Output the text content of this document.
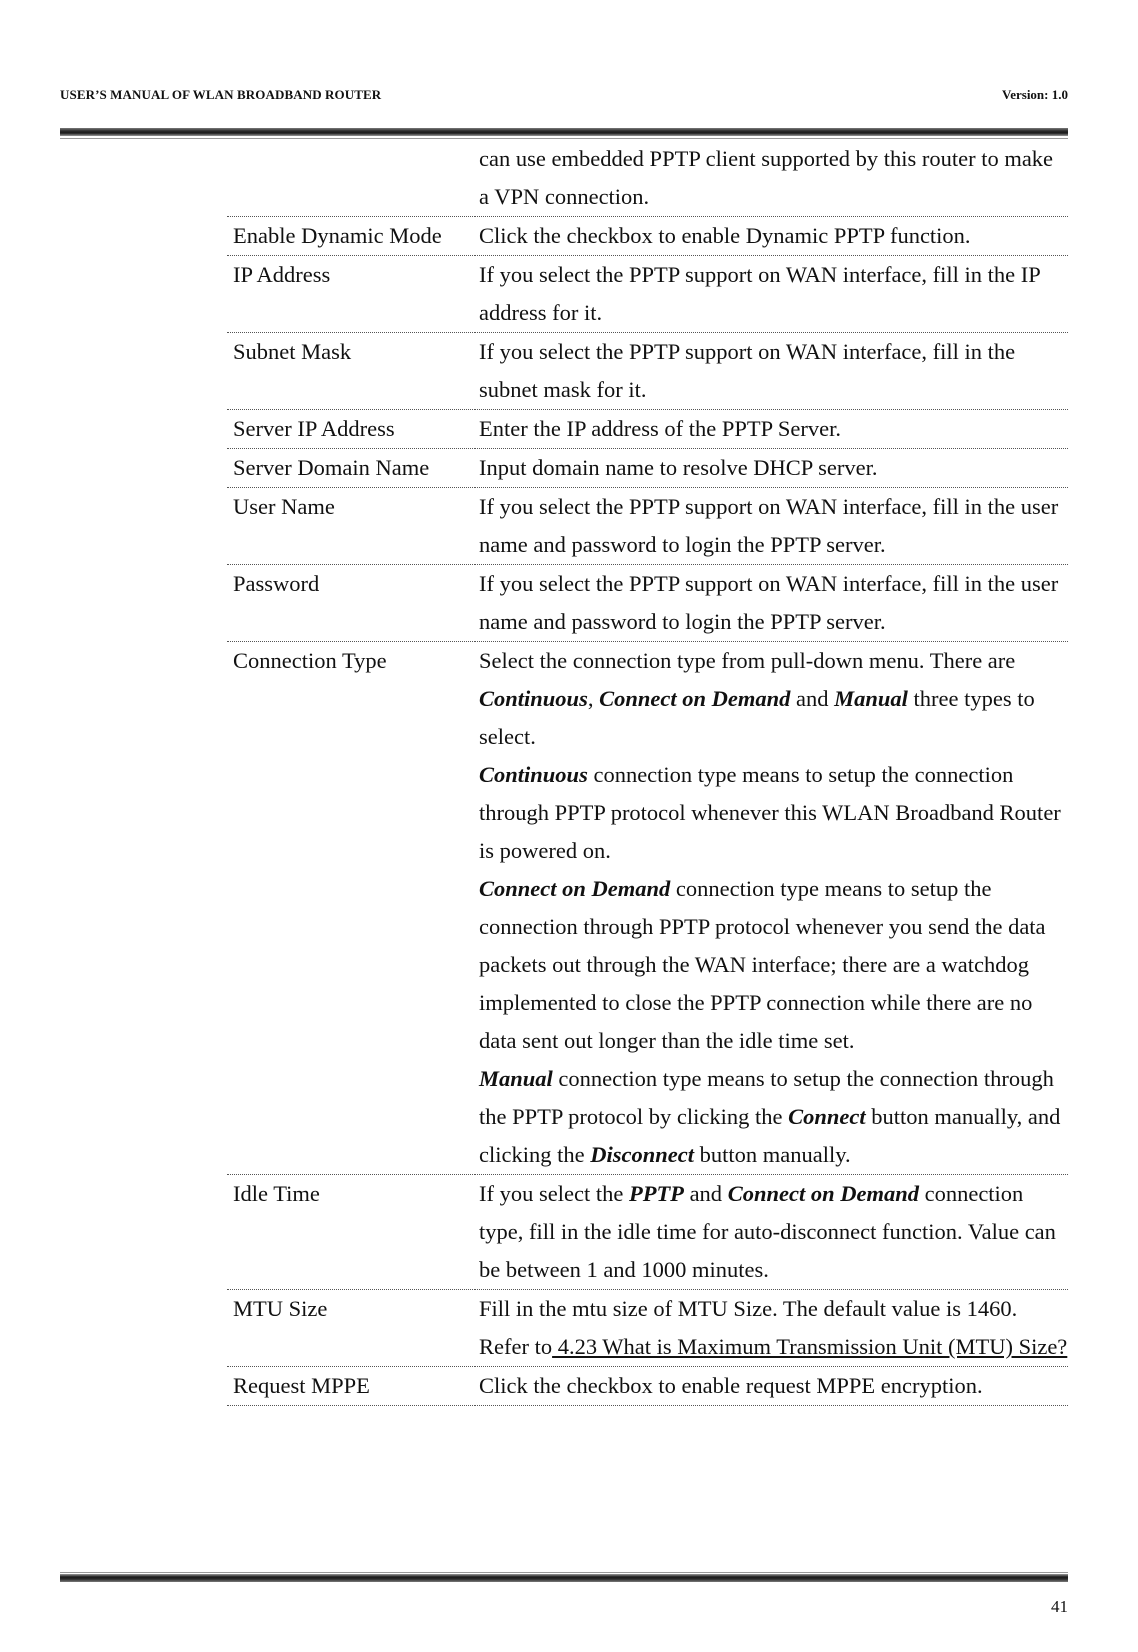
USER’S MANUAL OF WLAN BROADBAND ROUTER	Version: 1.0
	can use embedded PPTP client supported by this router to make a VPN connection.
Enable Dynamic Mode	Click the checkbox to enable Dynamic PPTP function.
IP Address	If you select the PPTP support on WAN interface, fill in the IP address for it.
Subnet Mask	If you select the PPTP support on WAN interface, fill in the subnet mask for it.
Server IP Address	Enter the IP address of the PPTP Server.
Server Domain Name	Input domain name to resolve DHCP server.
User Name	If you select the PPTP support on WAN interface, fill in the user name and password to login the PPTP server.
Password	If you select the PPTP support on WAN interface, fill in the user name and password to login the PPTP server.
Connection Type	Select the connection type from pull-down menu. There are Continuous, Connect on Demand and Manual three types to select.
Continuous connection type means to setup the connection through PPTP protocol whenever this WLAN Broadband Router is powered on.
Connect on Demand connection type means to setup the connection through PPTP protocol whenever you send the data packets out through the WAN interface; there are a watchdog implemented to close the PPTP connection while there are no data sent out longer than the idle time set.
Manual connection type means to setup the connection through the PPTP protocol by clicking the Connect button manually, and clicking the Disconnect button manually.

Idle Time	If you select the PPTP and Connect on Demand connection type, fill in the idle time for auto-disconnect function. Value can be between 1 and 1000 minutes.
MTU Size	Fill in the mtu size of MTU Size. The default value is 1460. Refer to 4.23 What is Maximum Transmission Unit (MTU) Size?
Request MPPE	Click the checkbox to enable request MPPE encryption.
41
